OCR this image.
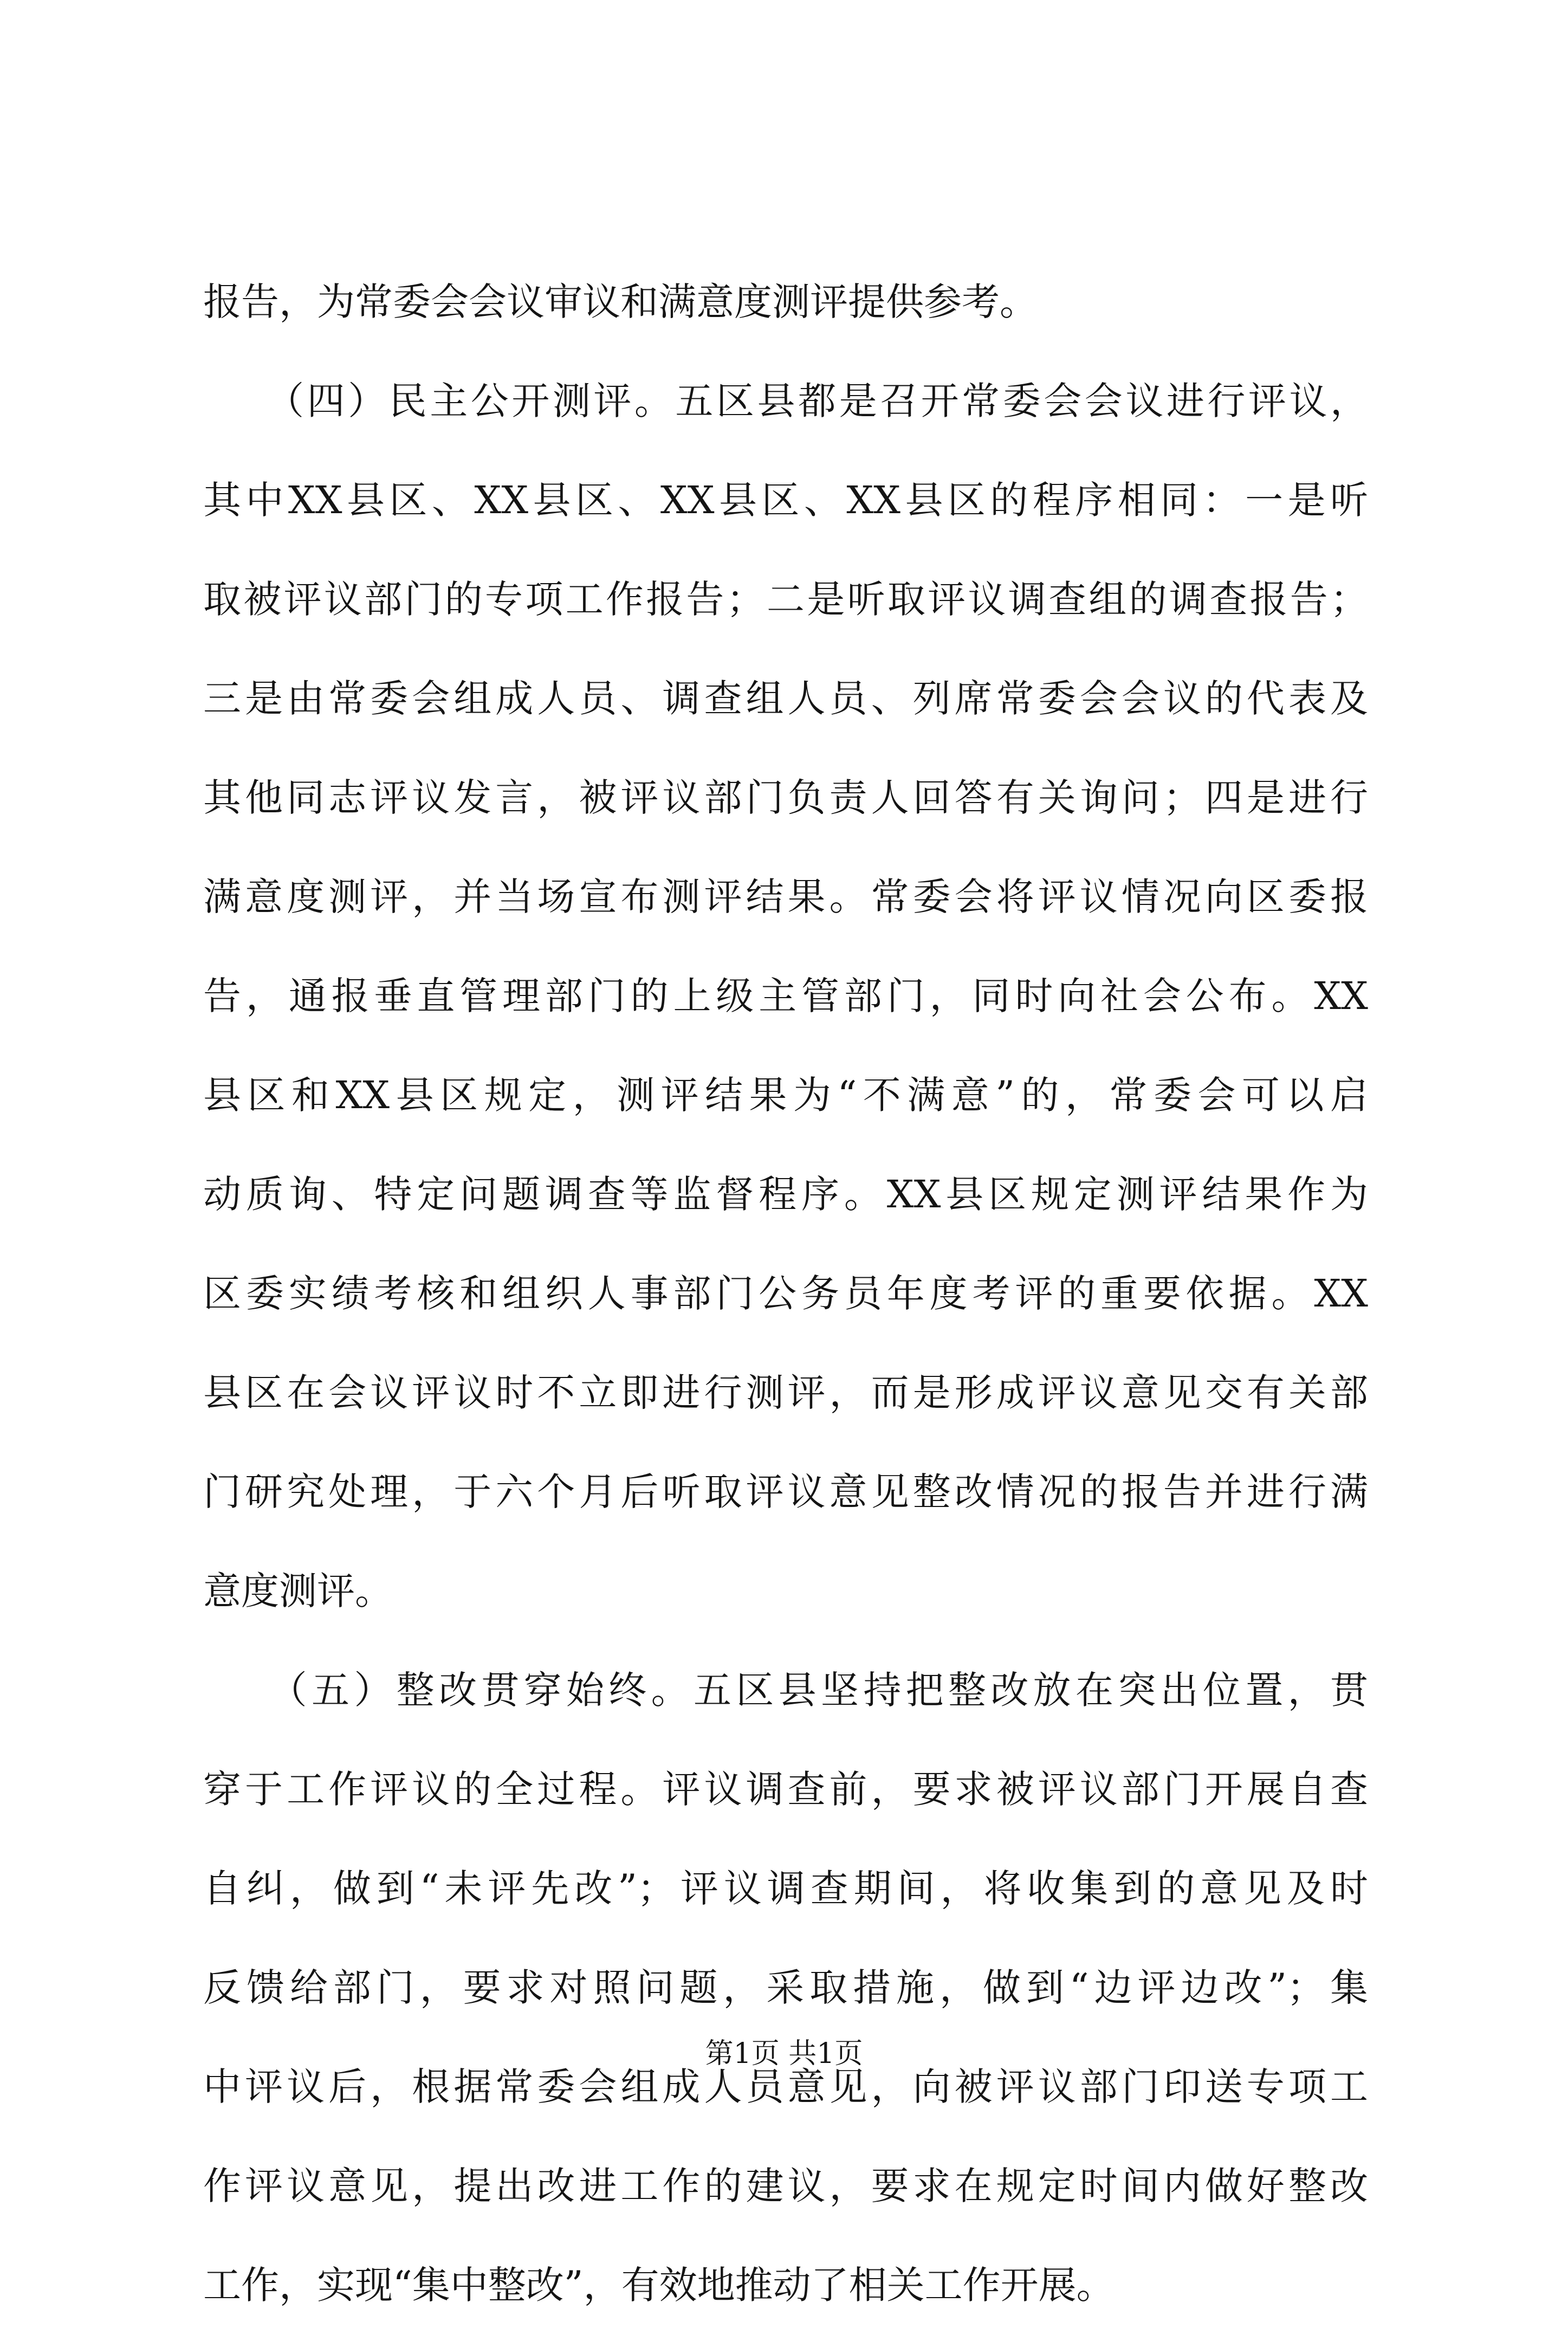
报告，为常委会会议审议和满意度测评提供参考。
　　（四）民主公开测评。五区县都是召开常委会会议进行评议，
其中XX县区、XX县区、XX县区、XX县区的程序相同：一是听
取被评议部门的专项工作报告；二是听取评议调查组的调查报告；
三是由常委会组成人员、调查组人员、列席常委会会议的代表及
其他同志评议发言，被评议部门负责人回答有关询问；四是进行
满意度测评，并当场宣布测评结果。常委会将评议情况向区委报
告，通报垂直管理部门的上级主管部门，同时向社会公布。XX
县区和XX县区规定，测评结果为“不满意”的，常委会可以启
动质询、特定问题调查等监督程序。XX县区规定测评结果作为
区委实绩考核和组织人事部门公务员年度考评的重要依据。XX
县区在会议评议时不立即进行测评，而是形成评议意见交有关部
门研究处理，于六个月后听取评议意见整改情况的报告并进行满
意度测评。
　　（五）整改贯穿始终。五区县坚持把整改放在突出位置，贯
穿于工作评议的全过程。评议调查前，要求被评议部门开展自查
自纠，做到“未评先改”；评议调查期间，将收集到的意见及时
反馈给部门，要求对照问题，采取措施，做到“边评边改”；集
中评议后，根据常委会组成人员意见，向被评议部门印送专项工
作评议意见，提出改进工作的建议，要求在规定时间内做好整改
工作，实现“集中整改”，有效地推动了相关工作开展。
第1页 共1页
